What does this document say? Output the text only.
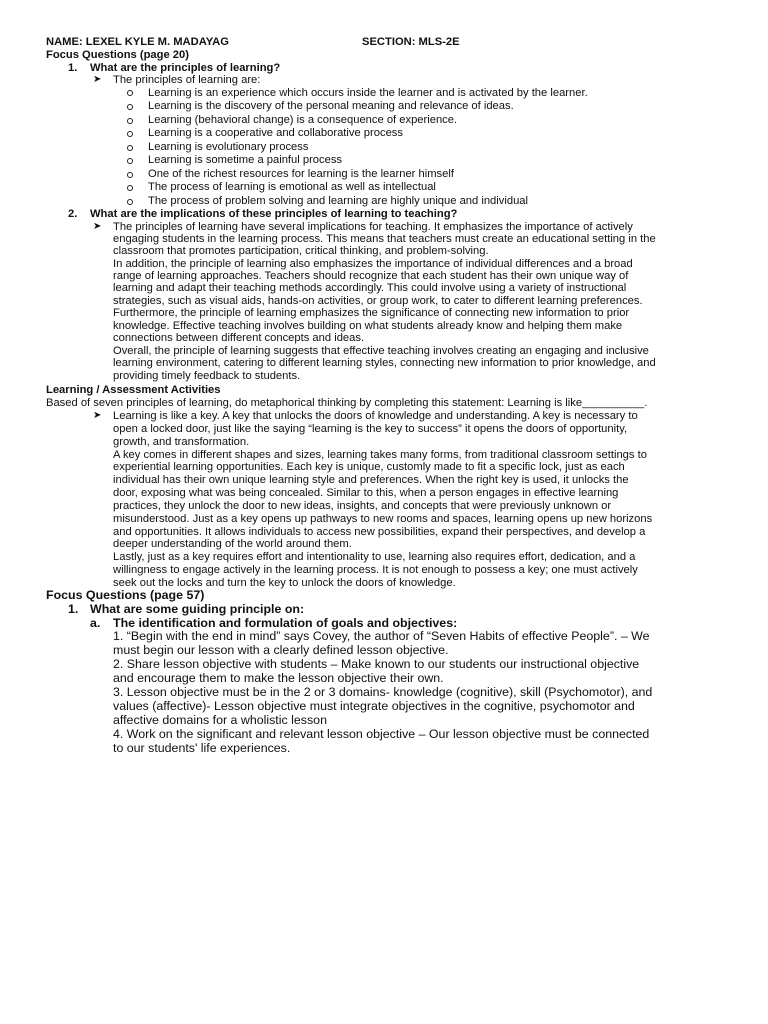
NAME: LEXEL KYLE M. MADAYAG	SECTION: MLS-2E
Focus Questions (page 20)
1. What are the principles of learning?
➤ The principles of learning are:
Learning is an experience which occurs inside the learner and is activated by the learner.
Learning is the discovery of the personal meaning and relevance of ideas.
Learning (behavioral change) is a consequence of experience.
Learning is a cooperative and collaborative process
Learning is evolutionary process
Learning is sometime a painful process
One of the richest resources for learning is the learner himself
The process of learning is emotional as well as intellectual
The process of problem solving and learning are highly unique and individual
2. What are the implications of these principles of learning to teaching?
➤ The principles of learning have several implications for teaching. It emphasizes the importance of actively
engaging students in the learning process. This means that teachers must create an educational setting in the
classroom that promotes participation, critical thinking, and problem-solving.
In addition, the principle of learning also emphasizes the importance of individual differences and a broad
range of learning approaches. Teachers should recognize that each student has their own unique way of
learning and adapt their teaching methods accordingly. This could involve using a variety of instructional
strategies, such as visual aids, hands-on activities, or group work, to cater to different learning preferences.
Furthermore, the principle of learning emphasizes the significance of connecting new information to prior
knowledge. Effective teaching involves building on what students already know and helping them make
connections between different concepts and ideas.
Overall, the principle of learning suggests that effective teaching involves creating an engaging and inclusive
learning environment, catering to different learning styles, connecting new information to prior knowledge, and
providing timely feedback to students.
Learning / Assessment Activities
Based of seven principles of learning, do metaphorical thinking by completing this statement: Learning is like__________.
➤ Learning is like a key. A key that unlocks the doors of knowledge and understanding. A key is necessary to
open a locked door, just like the saying “learning is the key to success” it opens the doors of opportunity,
growth, and transformation.
A key comes in different shapes and sizes, learning takes many forms, from traditional classroom settings to
experiential learning opportunities. Each key is unique, customly made to fit a specific lock, just as each
individual has their own unique learning style and preferences. When the right key is used, it unlocks the
door, exposing what was being concealed. Similar to this, when a person engages in effective learning
practices, they unlock the door to new ideas, insights, and concepts that were previously unknown or
misunderstood. Just as a key opens up pathways to new rooms and spaces, learning opens up new horizons
and opportunities. It allows individuals to access new possibilities, expand their perspectives, and develop a
deeper understanding of the world around them.
Lastly, just as a key requires effort and intentionality to use, learning also requires effort, dedication, and a
willingness to engage actively in the learning process. It is not enough to possess a key; one must actively
seek out the locks and turn the key to unlock the doors of knowledge.
Focus Questions (page 57)
1. What are some guiding principle on:
a. The identification and formulation of goals and objectives:
1. “Begin with the end in mind” says Covey, the author of “Seven Habits of effective People”. – We
must begin our lesson with a clearly defined lesson objective.
2. Share lesson objective with students – Make known to our students our instructional objective
and encourage them to make the lesson objective their own.
3. Lesson objective must be in the 2 or 3 domains- knowledge (cognitive), skill (Psychomotor), and
values (affective)- Lesson objective must integrate objectives in the cognitive, psychomotor and
affective domains for a wholistic lesson
4. Work on the significant and relevant lesson objective – Our lesson objective must be connected
to our students' life experiences.
